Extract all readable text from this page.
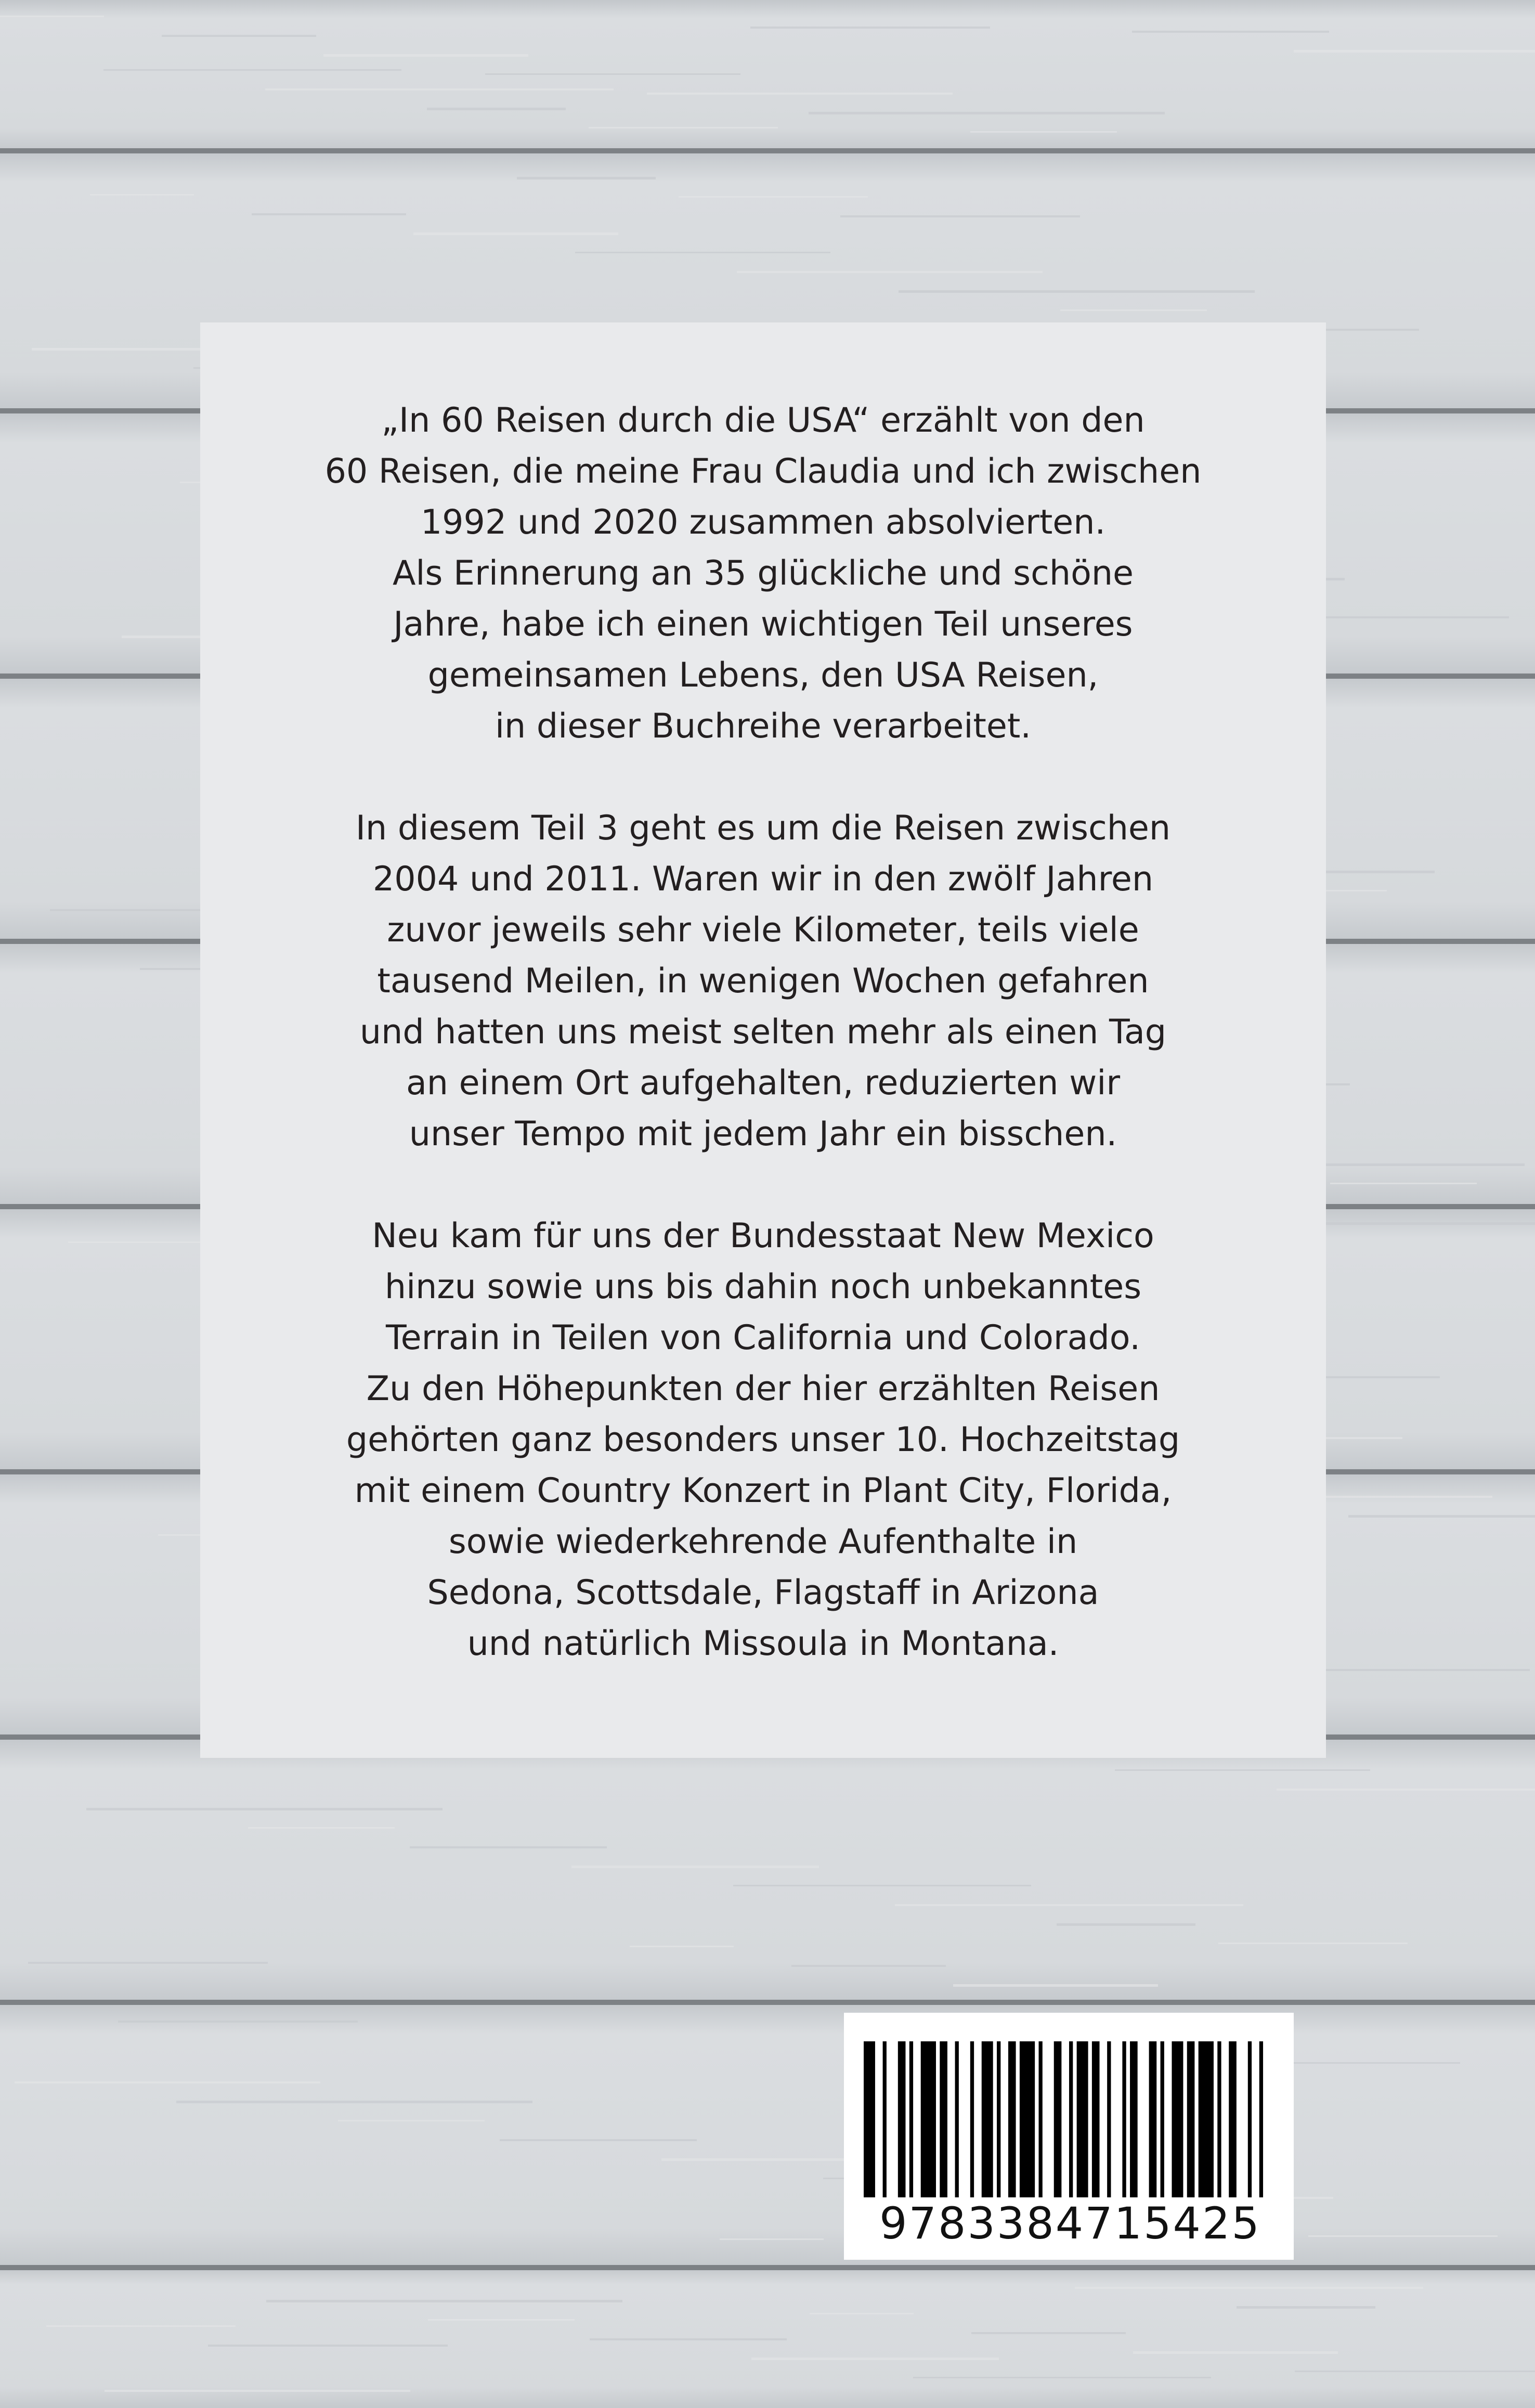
„In 60 Reisen durch die USA“ erzählt von den
60 Reisen, die meine Frau Claudia und ich zwischen
1992 und 2020 zusammen absolvierten.
Als Erinnerung an 35 glückliche und schöne
Jahre, habe ich einen wichtigen Teil unseres
gemeinsamen Lebens, den USA Reisen,
in dieser Buchreihe verarbeitet.

In diesem Teil 3 geht es um die Reisen zwischen
2004 und 2011. Waren wir in den zwölf Jahren
zuvor jeweils sehr viele Kilometer, teils viele
tausend Meilen, in wenigen Wochen gefahren
und hatten uns meist selten mehr als einen Tag
an einem Ort aufgehalten, reduzierten wir
unser Tempo mit jedem Jahr ein bisschen.

Neu kam für uns der Bundesstaat New Mexico
hinzu sowie uns bis dahin noch unbekanntes
Terrain in Teilen von California und Colorado.
Zu den Höhepunkten der hier erzählten Reisen
gehörten ganz besonders unser 10. Hochzeitstag
mit einem Country Konzert in Plant City, Florida,
sowie wiederkehrende Aufenthalte in
Sedona, Scottsdale, Flagstaff in Arizona
und natürlich Missoula in Montana.

9783384715425
